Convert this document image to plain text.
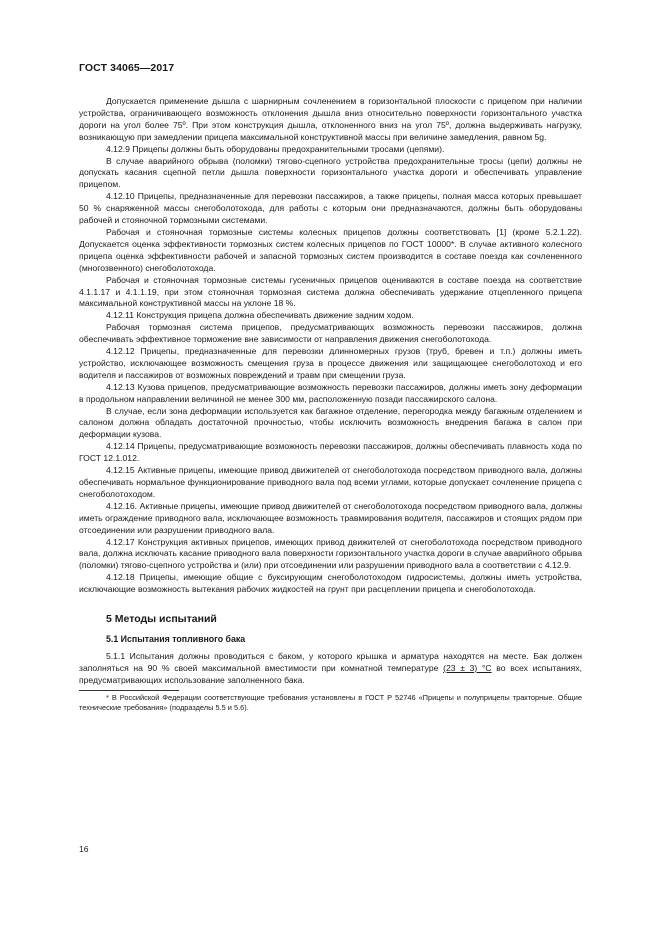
ГОСТ 34065—2017

Допускается применение дышла с шарнирным сочленением в горизонтальной плоскости с прицепом при наличии устройства, ограничивающего возможность отклонения дышла вниз относительно поверхности горизонтального участка дороги на угол более 75º. При этом конструкция дышла, отклоненного вниз на угол 75º, должна выдерживать нагрузку, возникающую при замедлении прицепа максимальной конструктивной массы при величине замедления, равном 5g.

4.12.9 Прицепы должны быть оборудованы предохранительными тросами (цепями).

В случае аварийного обрыва (поломки) тягово-сцепного устройства предохранительные тросы (цепи) должны не допускать касания сцепной петли дышла поверхности горизонтального участка дороги и обеспечивать управление прицепом.

4.12.10 Прицепы, предназначенные для перевозки пассажиров, а также прицепы, полная масса которых превышает 50 % снаряженной массы снегоболотохода, для работы с которым они предназначаются, должны быть оборудованы рабочей и стояночной тормозными системами.

Рабочая и стояночная тормозные системы колесных прицепов должны соответствовать [1] (кроме 5.2.1.22). Допускается оценка эффективности тормозных систем колесных прицепов по ГОСТ 10000*. В случае активного колесного прицепа оценка эффективности рабочей и запасной тормозных систем производится в составе поезда как сочлененного (многозвенного) снегоболотохода.

Рабочая и стояночная тормозные системы гусеничных прицепов оцениваются в составе поезда на соответствие 4.1.1.17 и 4.1.1.19, при этом стояночная тормозная система должна обеспечивать удержание отцепленного прицепа максимальной конструктивной массы на уклоне 18 %.

4.12.11 Конструкция прицепа должна обеспечивать движение задним ходом.

Рабочая тормозная система прицепов, предусматривающих возможность перевозки пассажиров, должна обеспечивать эффективное торможение вне зависимости от направления движения снегоболотохода.

4.12.12 Прицепы, предназначенные для перевозки длинномерных грузов (труб, бревен и т.п.) должны иметь устройство, исключающее возможность смещения груза в процессе движения или защищающее снегоболотоход и его водителя и пассажиров от возможных повреждений и травм при смещении груза.

4.12.13 Кузова прицепов, предусматривающие возможность перевозки пассажиров, должны иметь зону деформации в продольном направлении величиной не менее 300 мм, расположенную позади пассажирского салона.

В случае, если зона деформации используется как багажное отделение, перегородка между багажным отделением и салоном должна обладать достаточной прочностью, чтобы исключить возможность внедрения багажа в салон при деформации кузова.

4.12.14 Прицепы, предусматривающие возможность перевозки пассажиров, должны обеспечивать плавность хода по ГОСТ 12.1.012.

4.12.15 Активные прицепы, имеющие привод движителей от снегоболотохода посредством приводного вала, должны обеспечивать нормальное функционирование приводного вала под всеми углами, которые допускает сочленение прицепа с снегоболотоходом.

4.12.16. Активные прицепы, имеющие привод движителей от снегоболотохода посредством приводного вала, должны иметь ограждение приводного вала, исключающее возможность травмирования водителя, пассажиров и стоящих рядом при отсоединении или разрушении приводного вала.

4.12.17 Конструкция активных прицепов, имеющих привод движителей от снегоболотохода посредством приводного вала, должна исключать касание приводного вала поверхности горизонтального участка дороги в случае аварийного обрыва (поломки) тягово-сцепного устройства и (или) при отсоединении или разрушении приводного вала в соответствии с 4.12.9.

4.12.18 Прицепы, имеющие общие с буксирующим снегоболотоходом гидросистемы, должны иметь устройства, исключающие возможность вытекания рабочих жидкостей на грунт при расцеплении прицепа и снегоболотохода.

5 Методы испытаний
5.1 Испытания топливного бака

5.1.1 Испытания должны проводиться с баком, у которого крышка и арматура находятся на месте. Бак должен заполняться на 90 % своей максимальной вместимости при комнатной температуре (23 ± 3) °C во всех испытаниях, предусматривающих использование заполненного бака.

* В Российской Федерации соответствующие требования установлены в ГОСТ Р 52746 «Прицепы и полуприцепы тракторные. Общие технические требования» (подразделы 5.5 и 5.6).

16
